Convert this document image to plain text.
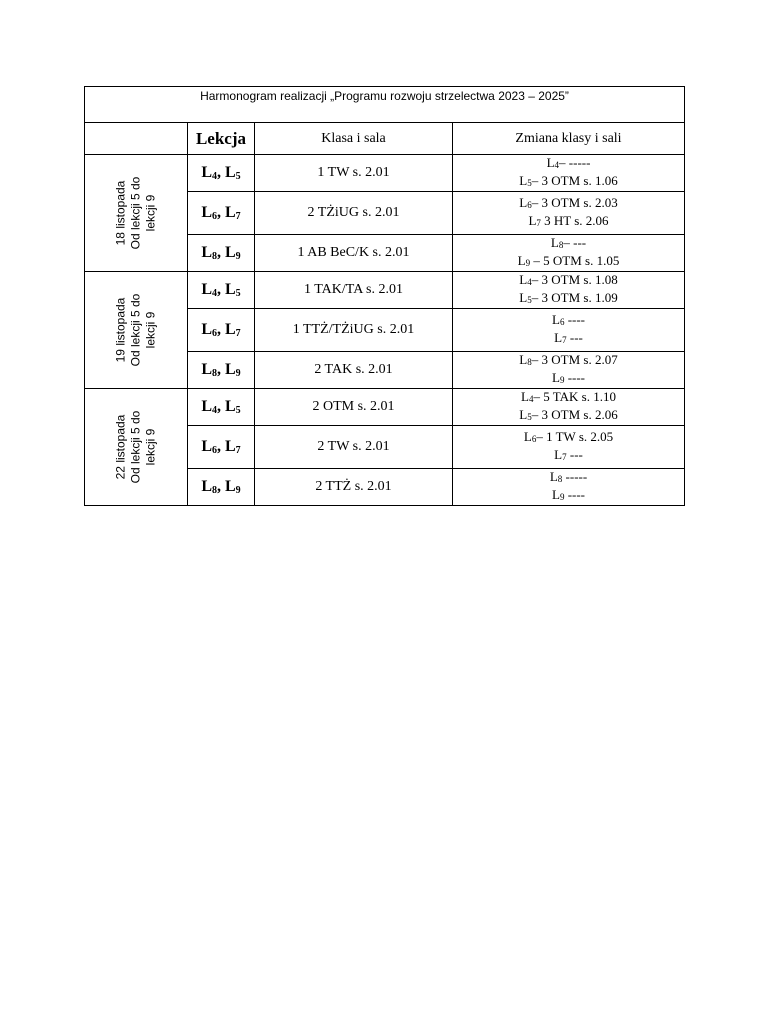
Harmonogram realizacji „Programu rozwoju strzelectwa 2023 – 2025”			
	Lekcja	Klasa i sala	Zmiana klasy i sali

18 listopada Od lekcji 5 do lekcji 9	$L_4$, $L_5$	1 TW s. 2.01	$L_4-$ -----
$L_5-$ 3 OTM s. 1.06

	$L_6$, $L_7$	2 TŻiUG s. 2.01	$L_6-$ 3 OTM s. 2.03
$L_7$ 3 HT s. 2.06

	$L_8$, $L_9$	1 AB BeC/K s. 2.01	$L_8-$ ---
$L_9 - 5$ OTM s. 1.05

19 listopada Od lekcji 5 do lekcji 9	$L_4$, $L_5$	1 TAK/TA s. 2.01	$L_4-$ 3 OTM s. 1.08
$L_5-$ 3 OTM s. 1.09

	$L_6$, $L_7$	1 TTŻ/TŻiUG s. 2.01	$L_6$ ----
$L_7$ ---

	$L_8$, $L_9$	2 TAK s. 2.01	$L_8-$ 3 OTM s. 2.07
$L_9$ ----

22 listopada Od lekcji 5 do lekcji 9	$L_4$, $L_5$	2 OTM s. 2.01	$L_4-$ 5 TAK s. 1.10
$L_5-$ 3 OTM s. 2.06

	$L_6$, $L_7$	2 TW s. 2.01	$L_6-$ 1 TW s. 2.05
$L_7$ ---

	$L_8$, $L_9$	2 TTŻ s. 2.01	$L_8$ -----
$L_9$ ----
